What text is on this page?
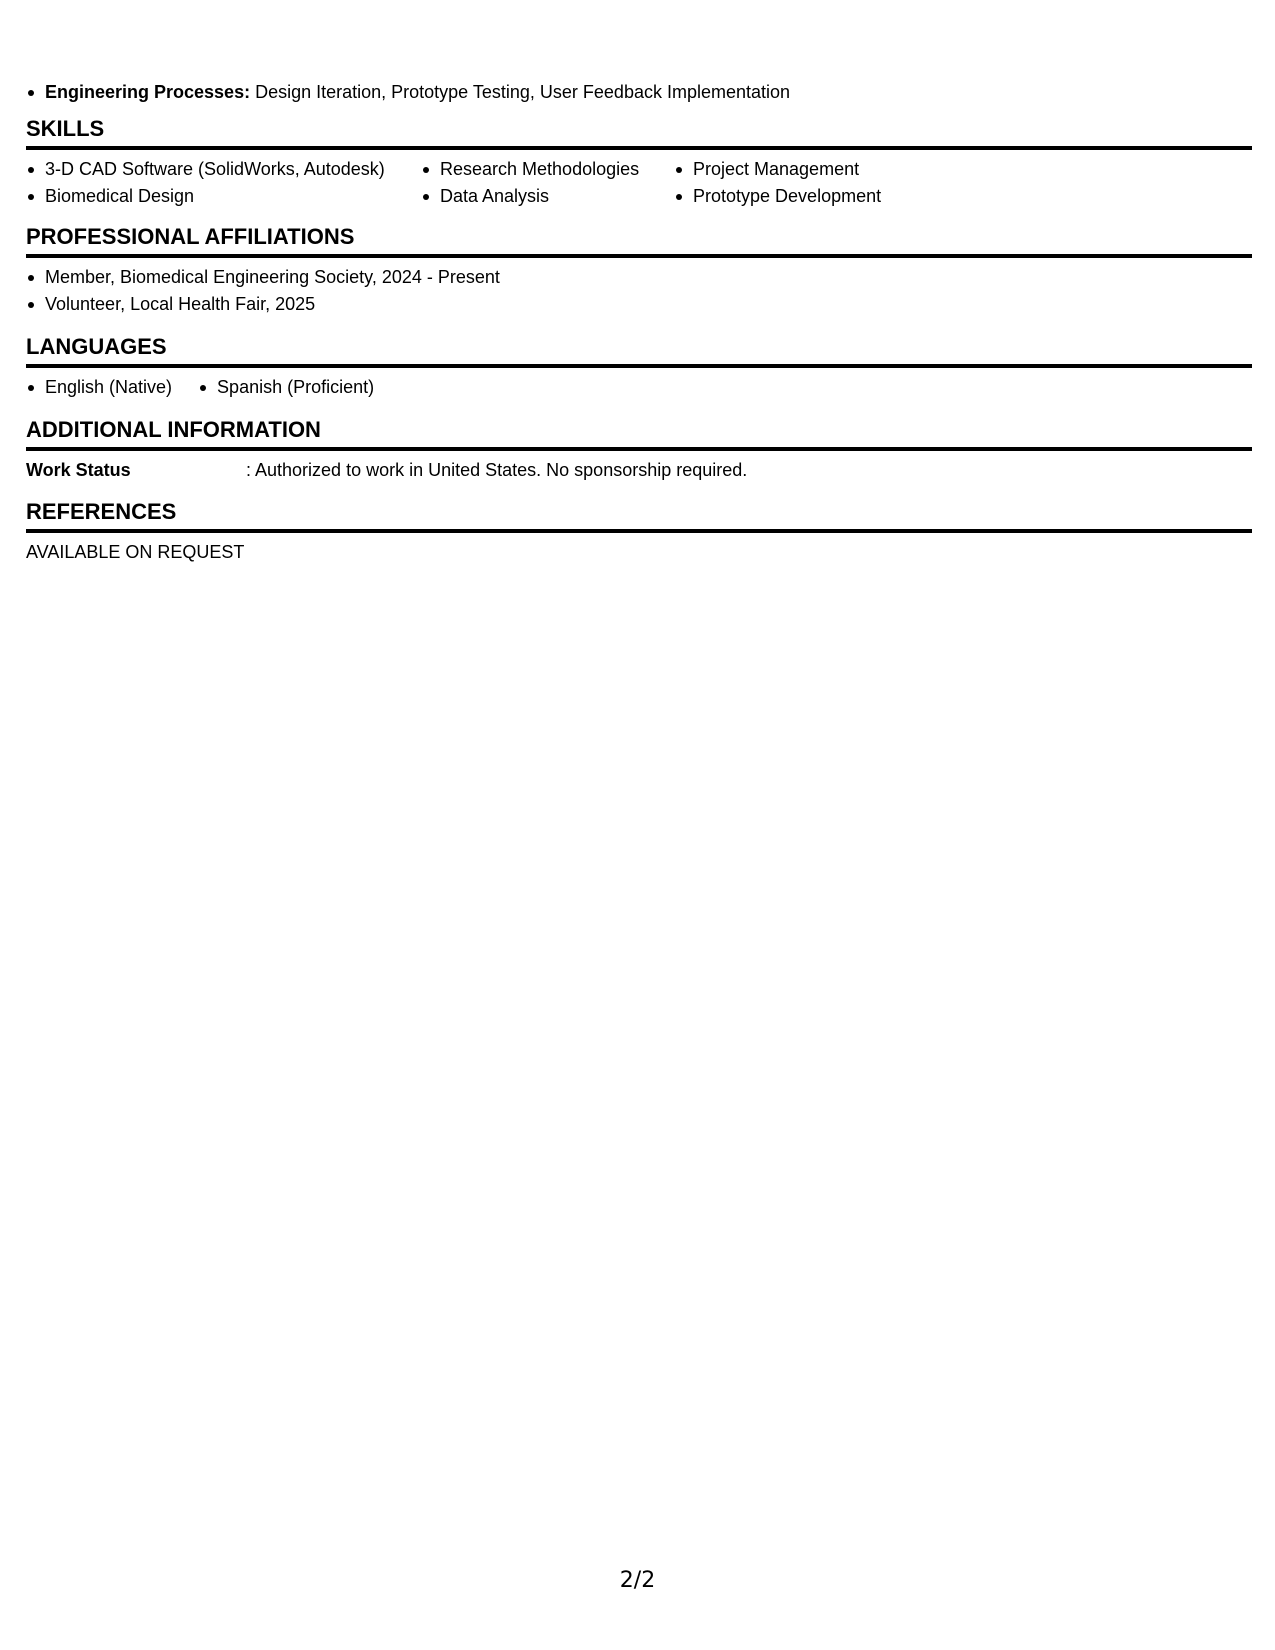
Engineering Processes: Design Iteration, Prototype Testing, User Feedback Implementation
SKILLS
3-D CAD Software (SolidWorks, Autodesk)
Biomedical Design
Research Methodologies
Data Analysis
Project Management
Prototype Development
PROFESSIONAL AFFILIATIONS
Member, Biomedical Engineering Society, 2024 - Present
Volunteer, Local Health Fair, 2025
LANGUAGES
English (Native)	Spanish (Proficient)
ADDITIONAL INFORMATION
Work Status	: Authorized to work in United States. No sponsorship required.
REFERENCES
AVAILABLE ON REQUEST
2/2
